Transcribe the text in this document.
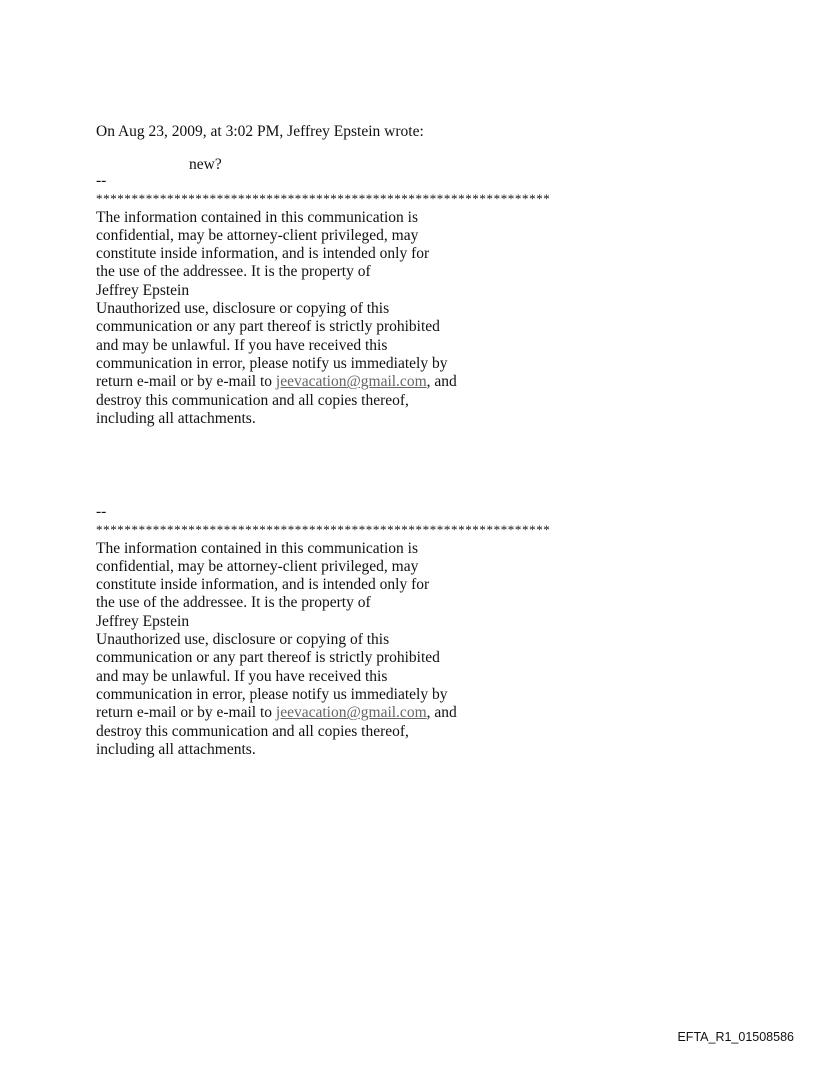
On Aug 23, 2009, at 3:02 PM, Jeffrey Epstein wrote:
new?
--
****************************************************************
The information contained in this communication is
confidential, may be attorney-client privileged, may
constitute inside information, and is intended only for
the use of the addressee. It is the property of
Jeffrey Epstein
Unauthorized use, disclosure or copying of this
communication or any part thereof is strictly prohibited
and may be unlawful. If you have received this
communication in error, please notify us immediately by
return e-mail or by e-mail to jeevacation@gmail.com, and
destroy this communication and all copies thereof,
including all attachments.
--
****************************************************************
The information contained in this communication is
confidential, may be attorney-client privileged, may
constitute inside information, and is intended only for
the use of the addressee. It is the property of
Jeffrey Epstein
Unauthorized use, disclosure or copying of this
communication or any part thereof is strictly prohibited
and may be unlawful. If you have received this
communication in error, please notify us immediately by
return e-mail or by e-mail to jeevacation@gmail.com, and
destroy this communication and all copies thereof,
including all attachments.
EFTA_R1_01508586
